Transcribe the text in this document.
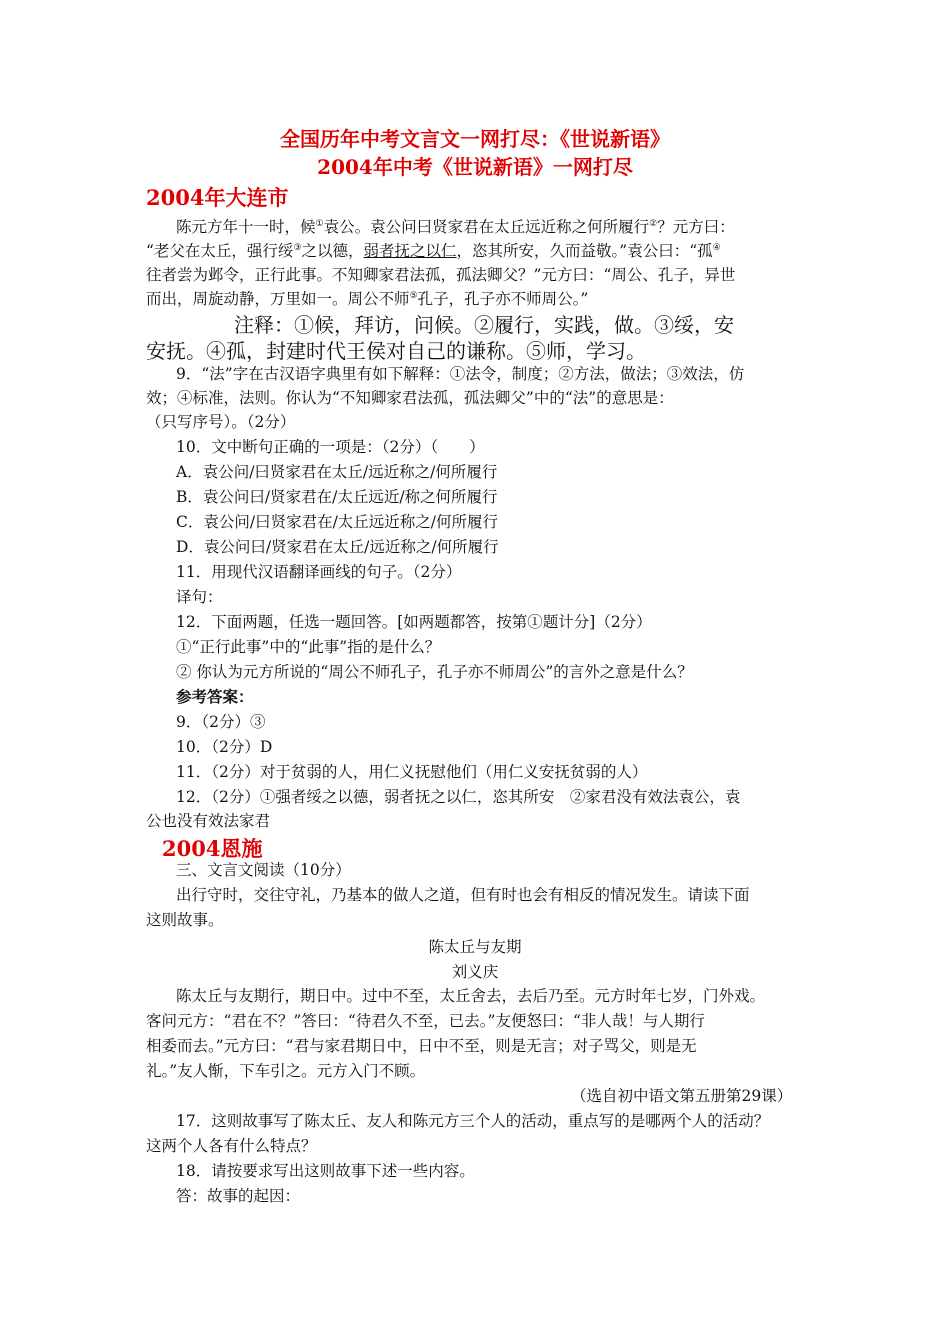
全国历年中考文言文一网打尽：《世说新语》
2004年中考《世说新语》一网打尽
2004年大连市
陈元方年十一时，候①袁公。袁公问曰贤家君在太丘远近称之何所履行②？元方曰：
“老父在太丘，强行绥③之以德，弱者抚之以仁，恣其所安，久而益敬。”袁公曰：“孤④
往者尝为邺令，正行此事。不知卿家君法孤，孤法卿父？”元方曰：“周公、孔子，异世
而出，周旋动静，万里如一。周公不师⑤孔子，孔子亦不师周公。”
注释：①候，拜访，问候。②履行，实践，做。③绥，安
安抚。④孤，封建时代王侯对自己的谦称。⑤师，学习。
9．“法”字在古汉语字典里有如下解释：①法令，制度；②方法，做法；③效法，仿
效；④标准，法则。你认为“不知卿家君法孤，孤法卿父”中的“法”的意思是：
（只写序号）。（2分）
10．文中断句正确的一项是：（2分）（　　）
A．袁公问/曰贤家君在太丘/远近称之/何所履行
B．袁公问曰/贤家君在/太丘远近/称之何所履行
C．袁公问/曰贤家君在/太丘远近称之/何所履行
D．袁公问曰/贤家君在太丘/远近称之/何所履行
11．用现代汉语翻译画线的句子。（2分）
译句：
12．下面两题，任选一题回答。[如两题都答，按第①题计分]（2分）
①“正行此事”中的“此事”指的是什么？
② 你认为元方所说的“周公不师孔子，孔子亦不师周公”的言外之意是什么？
参考答案：
9．（2分）③
10．（2分）D
11．（2分）对于贫弱的人，用仁义抚慰他们（用仁义安抚贫弱的人）
12．（2分）①强者绥之以德，弱者抚之以仁，恣其所安　②家君没有效法袁公，袁
公也没有效法家君
2004恩施
三、文言文阅读（10分）
出行守时，交往守礼，乃基本的做人之道，但有时也会有相反的情况发生。请读下面
这则故事。
陈太丘与友期
刘义庆
陈太丘与友期行，期日中。过中不至，太丘舍去，去后乃至。元方时年七岁，门外戏。
客问元方：“君在不？”答曰：“待君久不至，已去。”友便怒曰：“非人哉！与人期行
相委而去。”元方曰：“君与家君期日中，日中不至，则是无言；对子骂父，则是无
礼。”友人惭，下车引之。元方入门不顾。
（选自初中语文第五册第29课）
17．这则故事写了陈太丘、友人和陈元方三个人的活动，重点写的是哪两个人的活动？
这两个人各有什么特点？
18．请按要求写出这则故事下述一些内容。
答：故事的起因：
